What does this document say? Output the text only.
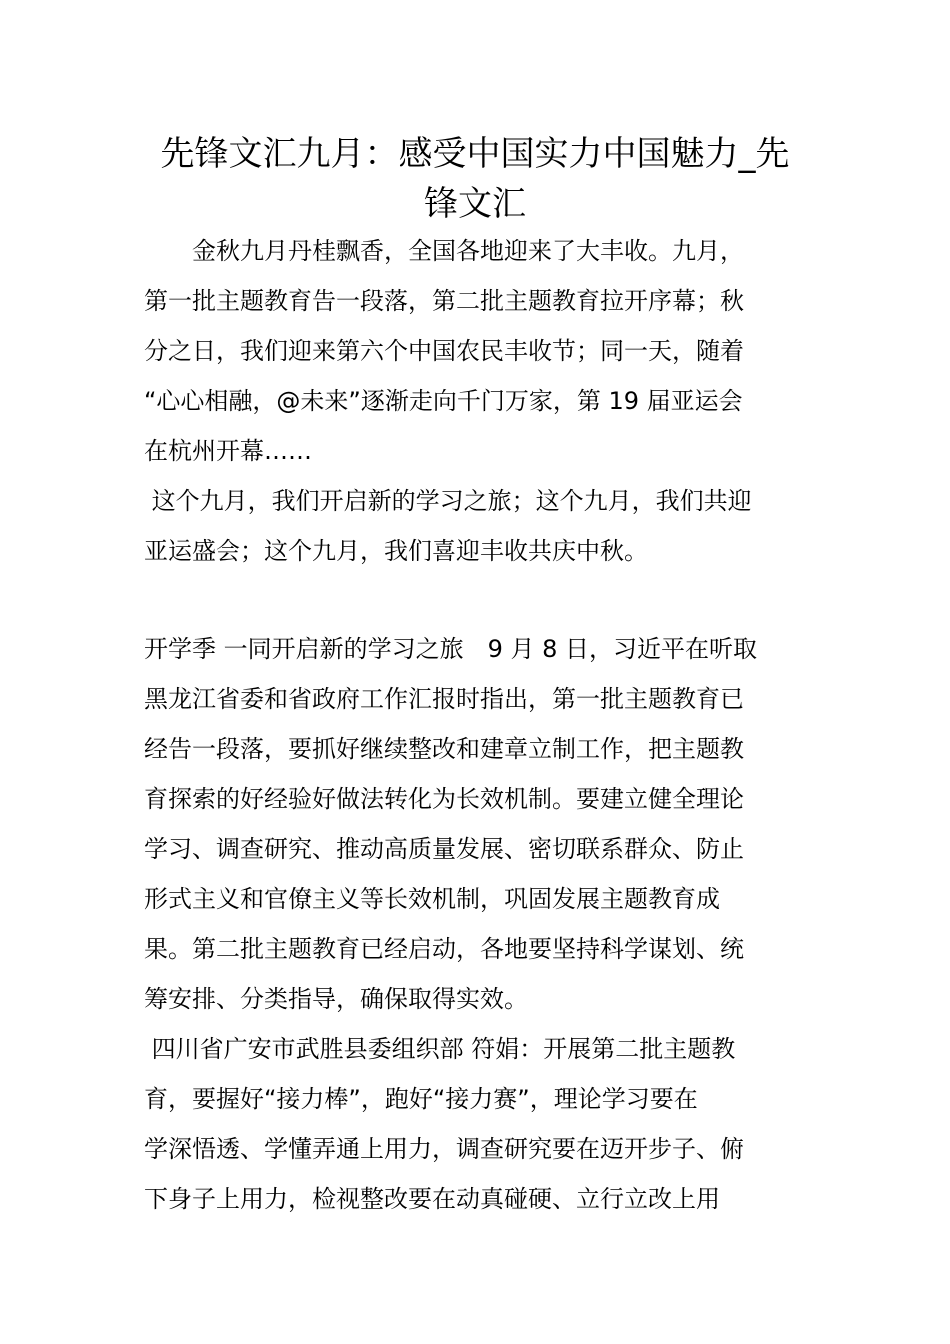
先锋文汇九月：感受中国实力中国魅力_先
锋文汇

　　金秋九月丹桂飘香，全国各地迎来了大丰收。九月，

第一批主题教育告一段落，第二批主题教育拉开序幕；秋

分之日，我们迎来第六个中国农民丰收节；同一天，随着

“心心相融，@未来”逐渐走向千门万家，第 19 届亚运会

在杭州开幕……

这个九月，我们开启新的学习之旅；这个九月，我们共迎

亚运盛会；这个九月，我们喜迎丰收共庆中秋。

开学季 一同开启新的学习之旅　9 月 8 日，习近平在听取

黑龙江省委和省政府工作汇报时指出，第一批主题教育已

经告一段落，要抓好继续整改和建章立制工作，把主题教

育探索的好经验好做法转化为长效机制。要建立健全理论

学习、调查研究、推动高质量发展、密切联系群众、防止

形式主义和官僚主义等长效机制，巩固发展主题教育成

果。第二批主题教育已经启动，各地要坚持科学谋划、统

筹安排、分类指导，确保取得实效。

四川省广安市武胜县委组织部 符娟：开展第二批主题教

育，要握好“接力棒”，跑好“接力赛”，理论学习要在

学深悟透、学懂弄通上用力，调查研究要在迈开步子、俯

下身子上用力，检视整改要在动真碰硬、立行立改上用
